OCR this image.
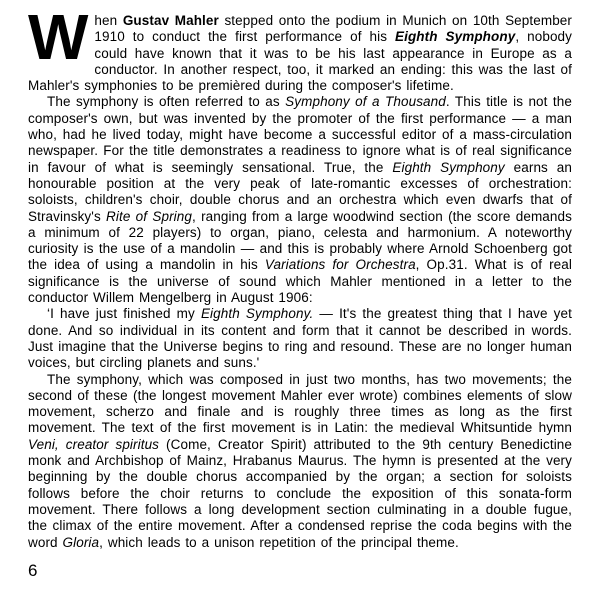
When Gustav Mahler stepped onto the podium in Munich on 10th September 1910 to conduct the first performance of his Eighth Symphony, nobody could have known that it was to be his last appearance in Europe as a conductor. In another respect, too, it marked an ending: this was the last of Mahler's symphonies to be premièred during the composer's lifetime.

The symphony is often referred to as Symphony of a Thousand. This title is not the composer's own, but was invented by the promoter of the first performance — a man who, had he lived today, might have become a successful editor of a mass-circulation newspaper. For the title demonstrates a readiness to ignore what is of real significance in favour of what is seemingly sensational. True, the Eighth Symphony earns an honourable position at the very peak of late-romantic excesses of orchestration: soloists, children's choir, double chorus and an orchestra which even dwarfs that of Stravinsky's Rite of Spring, ranging from a large woodwind section (the score demands a minimum of 22 players) to organ, piano, celesta and harmonium. A noteworthy curiosity is the use of a mandolin — and this is probably where Arnold Schoenberg got the idea of using a mandolin in his Variations for Orchestra, Op.31. What is of real significance is the universe of sound which Mahler mentioned in a letter to the conductor Willem Mengelberg in August 1906:

‘I have just finished my Eighth Symphony. — It's the greatest thing that I have yet done. And so individual in its content and form that it cannot be described in words. Just imagine that the Universe begins to ring and resound. These are no longer human voices, but circling planets and suns.'

The symphony, which was composed in just two months, has two movements; the second of these (the longest movement Mahler ever wrote) combines elements of slow movement, scherzo and finale and is roughly three times as long as the first movement. The text of the first movement is in Latin: the medieval Whitsuntide hymn Veni, creator spiritus (Come, Creator Spirit) attributed to the 9th century Benedictine monk and Archbishop of Mainz, Hrabanus Maurus. The hymn is presented at the very beginning by the double chorus accompanied by the organ; a section for soloists follows before the choir returns to conclude the exposition of this sonata-form movement. There follows a long development section culminating in a double fugue, the climax of the entire movement. After a condensed reprise the coda begins with the word Gloria, which leads to a unison repetition of the principal theme.

6
